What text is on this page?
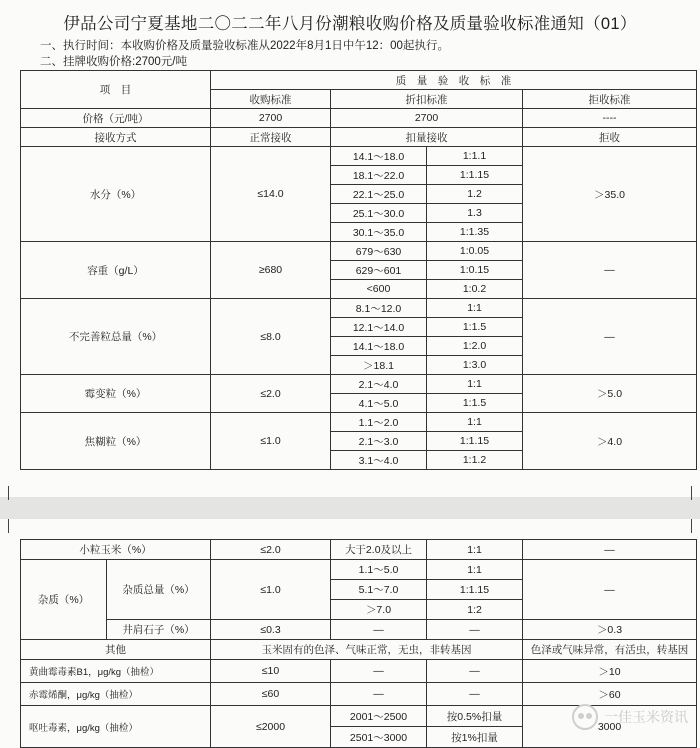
伊品公司宁夏基地二〇二二年八月份潮粮收购价格及质量验收标准通知（01）
一、执行时间：本收购价格及质量验收标准从2022年8月1日中午12：00起执行。
二、挂牌收购价格:2700元/吨
项　目	质　量　验　收　标　准			
	收购标准	折扣标准		拒收标准
价格（元/吨）	2700	2700		----
接收方式	正常接收	扣量接收		拒收
水分（%）	≤14.0	14.1～18.0	1:1.1	＞35.0
		18.1～22.0	1:1.15	
		22.1～25.0	1.2	
		25.1～30.0	1.3	
		30.1～35.0	1:1.35	
容重（g/L）	≥680	679～630	1:0.05	—
		629～601	1:0.15	
		<600	1:0.2	
不完善粒总量（%）	≤8.0	8.1～12.0	1:1	—
		12.1～14.0	1:1.5	
		14.1～18.0	1:2.0	
		＞18.1	1:3.0	
霉变粒（%）	≤2.0	2.1～4.0	1:1	＞5.0
		4.1～5.0	1:1.5	
焦糊粒（%）	≤1.0	1.1～2.0	1:1	＞4.0
		2.1～3.0	1:1.15	
		3.1～4.0	1:1.2	
小粒玉米（%）		≤2.0	大于2.0及以上	1:1	—
杂质（%）	杂质总量（%）	≤1.0	1.1～5.0	1:1	—
			5.1～7.0	1:1.15	
			＞7.0	1:2	
	井肩石子（%）	≤0.3	—	—	＞0.3
其他		玉米固有的色泽、气味正常，无虫，非转基因			色泽或气味异常，有活虫，转基因
黄曲霉毒素B1，μg/kg（抽检）		≤10	—	—	＞10
赤霉烯酮，μg/kg（抽检）		≤60	—	—	＞60
呕吐毒素，μg/kg（抽检）		≤2000	2001～2500	按0.5%扣量	3000
			2501～3000	按1%扣量	
一佳玉米资讯
